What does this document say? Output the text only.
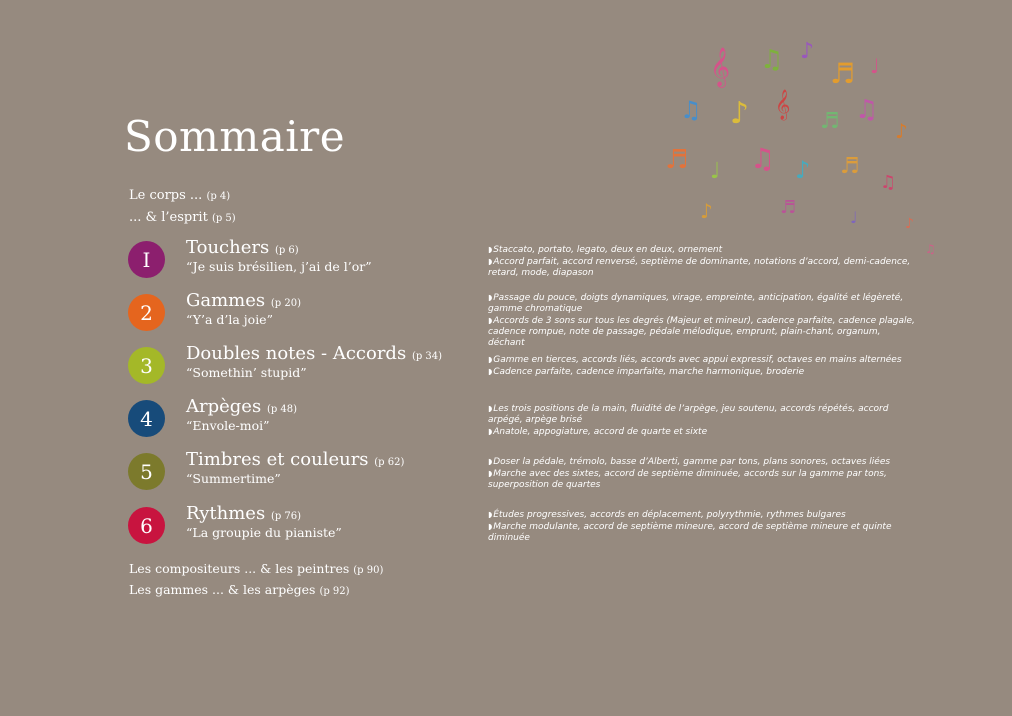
Sommaire
𝄞 ♫ ♪
♬ ♩
♫ ♪ 𝄞
♬ ♫
♪
♬ ♩ ♫ ♪ ♬
♫
♪	♬	♩	♪
♫
Le corps ... (p 4)
... & l’esprit (p 5)
I	Touchers (p 6)
“Je suis brésilien, j’ai de l’or”
◗Staccato, portato, legato, deux en deux, ornement
◗Accord parfait, accord renversé, septième de dominante, notations d’accord, demi-cadence, retard, mode, diapason
2	Gammes (p 20)
“Y’a d’la joie”
◗Passage du pouce, doigts dynamiques, virage, empreinte, anticipation, égalité et légèreté, gamme chromatique
◗Accords de 3 sons sur tous les degrés (Majeur et mineur), cadence parfaite, cadence plagale, cadence rompue, note de passage, pédale mélodique, emprunt, plain-chant, organum, déchant
3	Doubles notes - Accords (p 34)
“Somethin’ stupid”
◗Gamme en tierces, accords liés, accords avec appui expressif, octaves en mains alternées
◗Cadence parfaite, cadence imparfaite, marche harmonique, broderie
4	Arpèges (p 48)
“Envole-moi”
◗Les trois positions de la main, fluidité de l’arpège, jeu soutenu, accords répétés, accord arpégé, arpège brisé
◗Anatole, appogiature, accord de quarte et sixte
5	Timbres et couleurs (p 62)
“Summertime”
◗Doser la pédale, trémolo, basse d’Alberti, gamme par tons, plans sonores, octaves liées
◗Marche avec des sixtes, accord de septième diminuée, accords sur la gamme par tons, superposition de quartes
6	Rythmes (p 76)
“La groupie du pianiste”
◗Études progressives, accords en déplacement, polyrythmie, rythmes bulgares
◗Marche modulante, accord de septième mineure, accord de septième mineure et quinte diminuée
Les compositeurs ... & les peintres (p 90)
Les gammes ... & les arpèges (p 92)
